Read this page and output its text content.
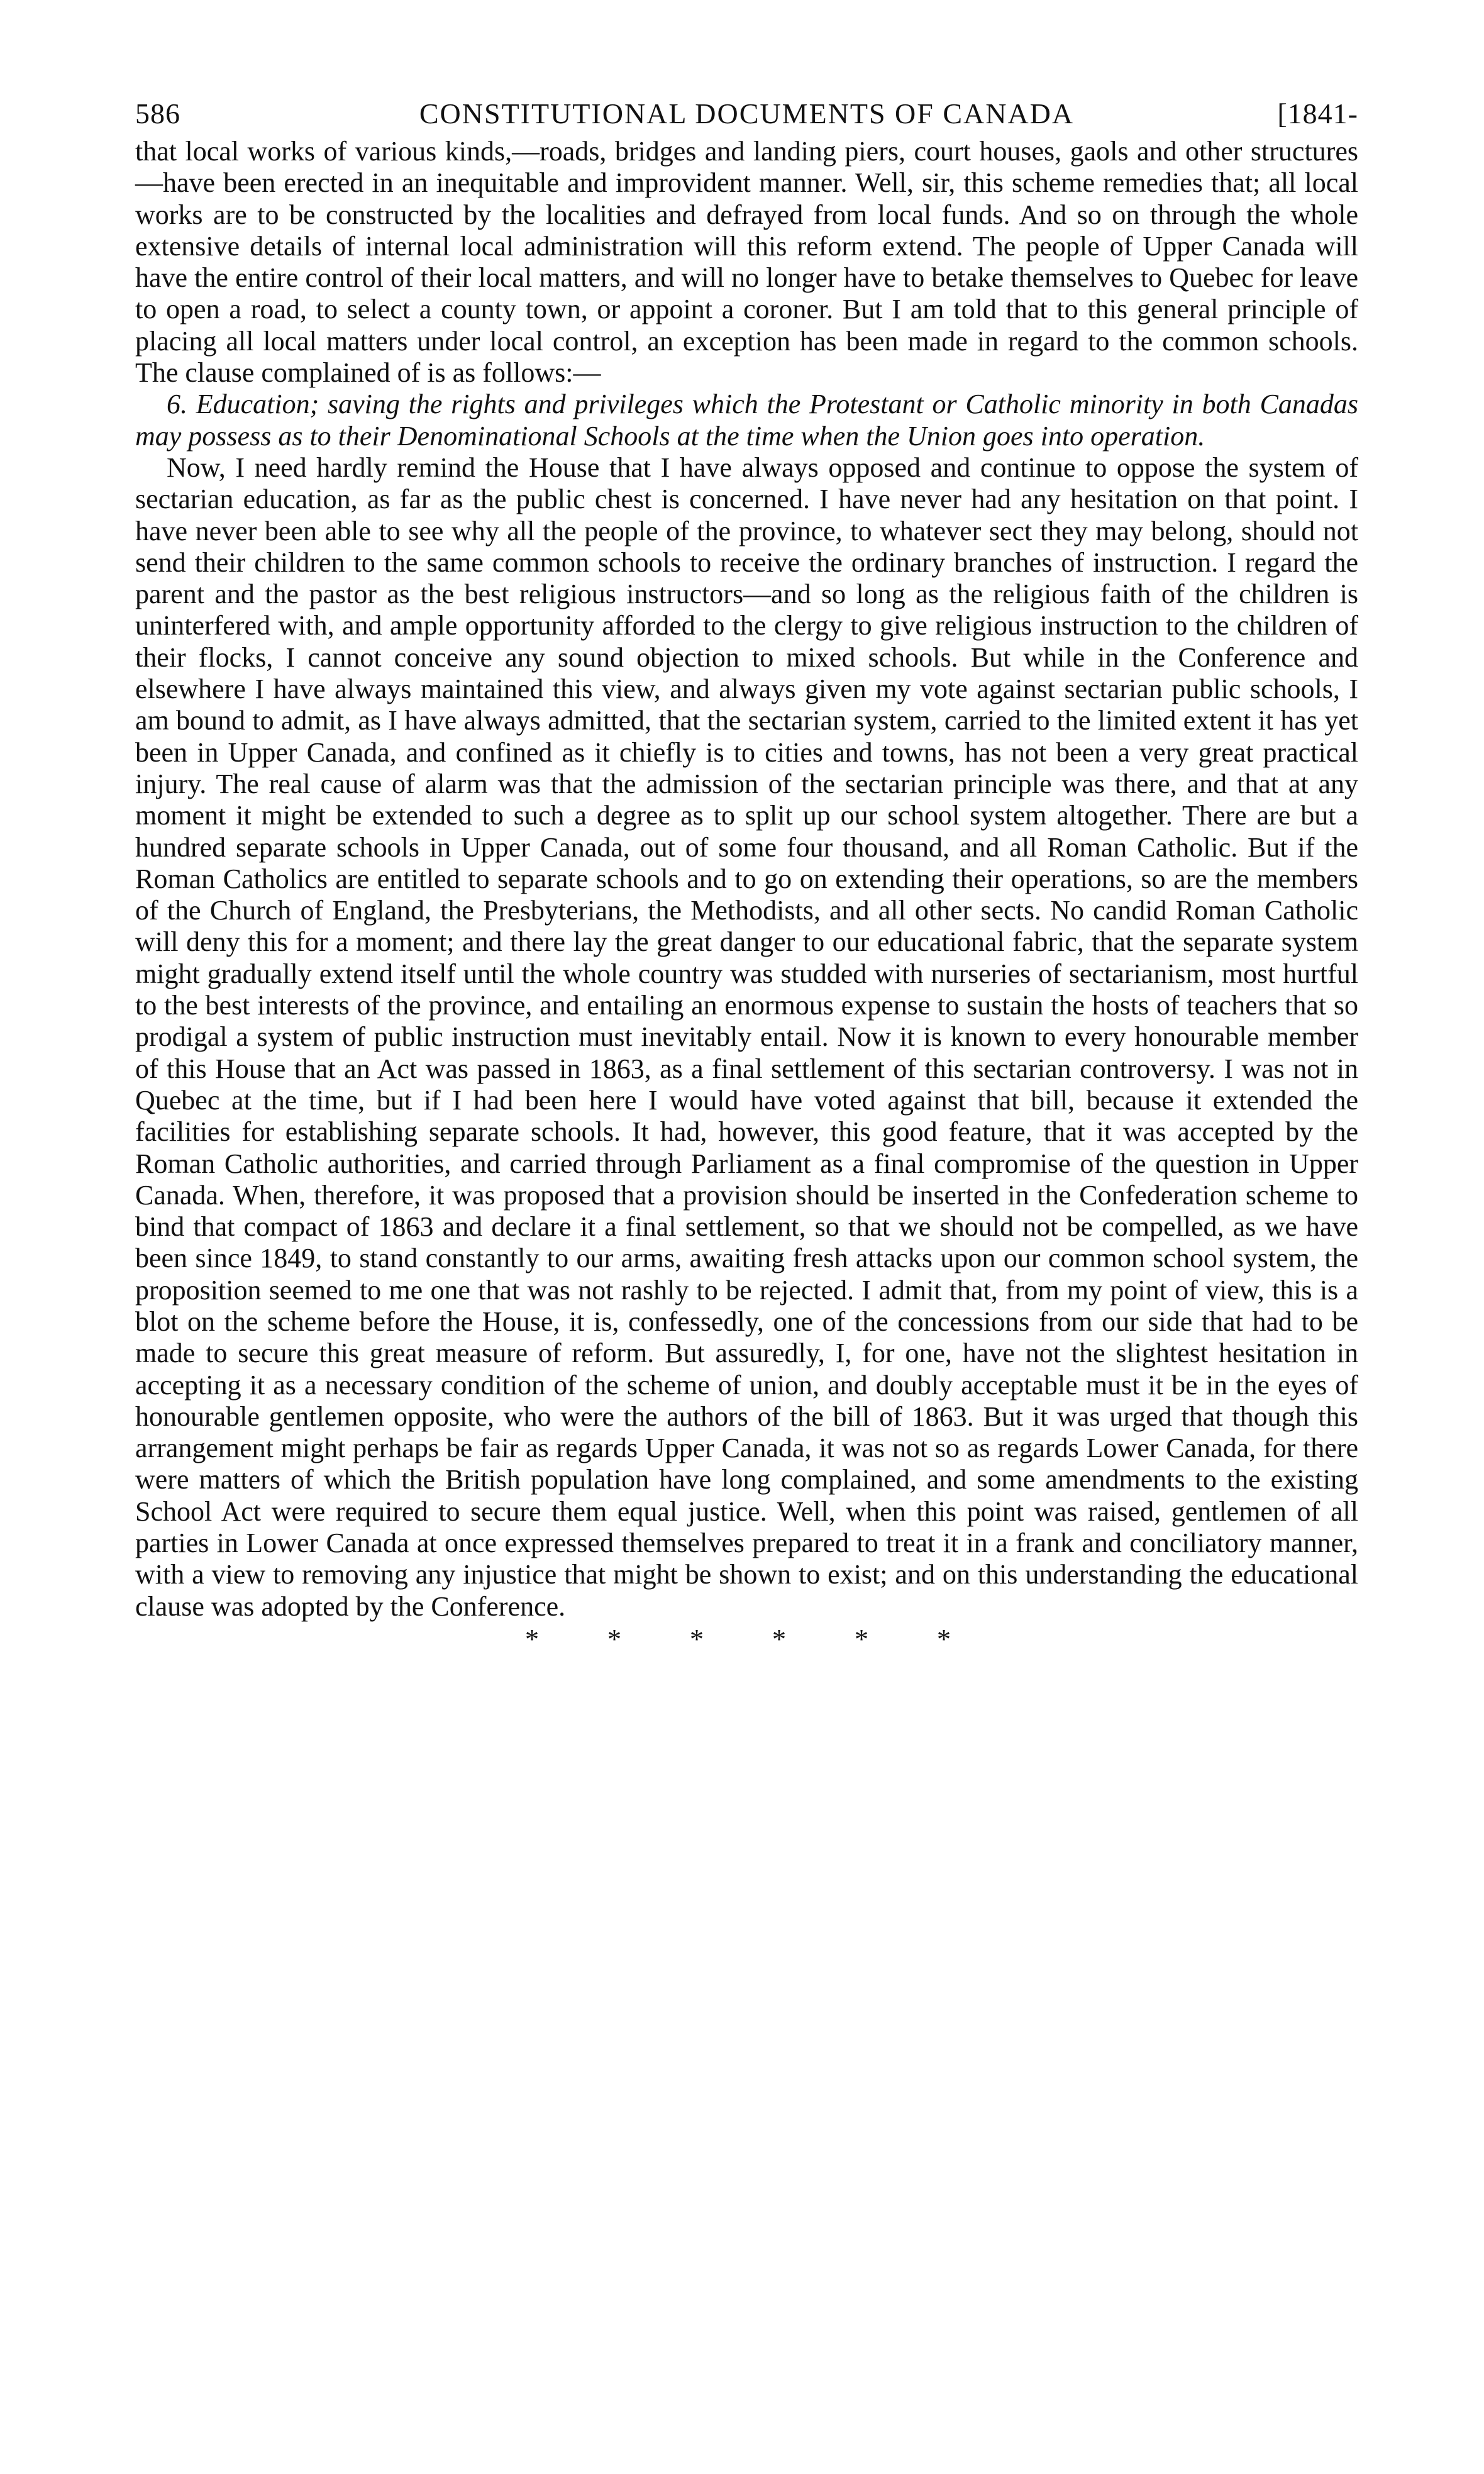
586	CONSTITUTIONAL DOCUMENTS OF CANADA	[1841-

that local works of various kinds,—roads, bridges and landing piers, court houses, gaols and other structures—have been erected in an inequitable and improvident manner. Well, sir, this scheme remedies that; all local works are to be constructed by the localities and defrayed from local funds. And so on through the whole extensive details of internal local administration will this reform extend. The people of Upper Canada will have the entire control of their local matters, and will no longer have to betake themselves to Quebec for leave to open a road, to select a county town, or appoint a coroner. But I am told that to this general principle of placing all local matters under local control, an exception has been made in regard to the common schools. The clause complained of is as follows:—

6. Education; saving the rights and privileges which the Protestant or Catholic minority in both Canadas may possess as to their Denominational Schools at the time when the Union goes into operation.

Now, I need hardly remind the House that I have always opposed and continue to oppose the system of sectarian education, as far as the public chest is concerned. I have never had any hesitation on that point. I have never been able to see why all the people of the province, to whatever sect they may belong, should not send their children to the same common schools to receive the ordinary branches of instruction. I regard the parent and the pastor as the best religious instructors—and so long as the religious faith of the children is uninterfered with, and ample opportunity afforded to the clergy to give religious instruction to the children of their flocks, I cannot conceive any sound objection to mixed schools. But while in the Conference and elsewhere I have always maintained this view, and always given my vote against sectarian public schools, I am bound to admit, as I have always admitted, that the sectarian system, carried to the limited extent it has yet been in Upper Canada, and confined as it chiefly is to cities and towns, has not been a very great practical injury. The real cause of alarm was that the admission of the sectarian principle was there, and that at any moment it might be extended to such a degree as to split up our school system altogether. There are but a hundred separate schools in Upper Canada, out of some four thousand, and all Roman Catholic. But if the Roman Catholics are entitled to separate schools and to go on extending their operations, so are the members of the Church of England, the Presbyterians, the Methodists, and all other sects. No candid Roman Catholic will deny this for a moment; and there lay the great danger to our educational fabric, that the separate system might gradually extend itself until the whole country was studded with nurseries of sectarianism, most hurtful to the best interests of the province, and entailing an enormous expense to sustain the hosts of teachers that so prodigal a system of public instruction must inevitably entail. Now it is known to every honourable member of this House that an Act was passed in 1863, as a final settlement of this sectarian controversy. I was not in Quebec at the time, but if I had been here I would have voted against that bill, because it extended the facilities for establishing separate schools. It had, however, this good feature, that it was accepted by the Roman Catholic authorities, and carried through Parliament as a final compromise of the question in Upper Canada. When, therefore, it was proposed that a provision should be inserted in the Confederation scheme to bind that compact of 1863 and declare it a final settlement, so that we should not be compelled, as we have been since 1849, to stand constantly to our arms, awaiting fresh attacks upon our common school system, the proposition seemed to me one that was not rashly to be rejected. I admit that, from my point of view, this is a blot on the scheme before the House, it is, confessedly, one of the concessions from our side that had to be made to secure this great measure of reform. But assuredly, I, for one, have not the slightest hesitation in accepting it as a necessary condition of the scheme of union, and doubly acceptable must it be in the eyes of honourable gentlemen opposite, who were the authors of the bill of 1863. But it was urged that though this arrangement might perhaps be fair as regards Upper Canada, it was not so as regards Lower Canada, for there were matters of which the British population have long complained, and some amendments to the existing School Act were required to secure them equal justice. Well, when this point was raised, gentlemen of all parties in Lower Canada at once expressed themselves prepared to treat it in a frank and conciliatory manner, with a view to removing any injustice that might be shown to exist; and on this understanding the educational clause was adopted by the Conference.

* * * * * *
